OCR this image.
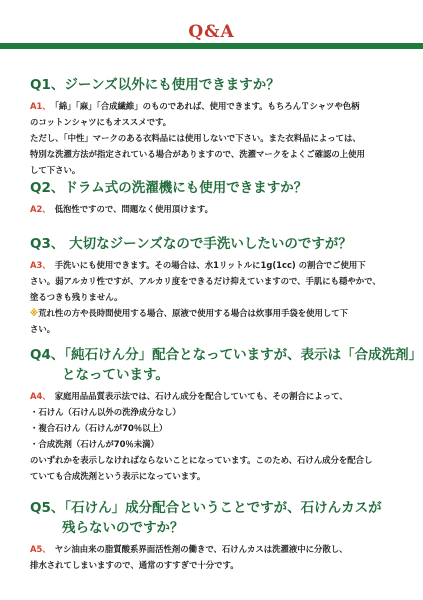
Q&A
Q1、ジーンズ以外にも使用できますか？
A1、 「綿」「麻」「合成繊維」のものであれば、使用できます。もちろんＴシャツや色柄
のコットンシャツにもオススメです。
ただし、「中性」マークのある衣料品には使用しないで下さい。また衣料品によっては、
特別な洗濯方法が指定されている場合がありますので、洗濯マークをよくご確認の上使用
して下さい。
Q2、ドラム式の洗濯機にも使用できますか？
A2、 低泡性ですので、問題なく使用頂けます。
Q3、 大切なジーンズなので手洗いしたいのですが？
A3、 手洗いにも使用できます。その場合は、水1リットルに1g(1cc) の割合でご使用下
さい。弱アルカリ性ですが、アルカリ度をできるだけ抑えていますので、手肌にも穏やかで、
塗るつきも残りません。
※荒れ性の方や長時間使用する場合、原液で使用する場合は炊事用手袋を使用して下
さい。
Q4、「純石けん分」配合となっていますが、表示は「合成洗剤」
となっています。
A4、 家庭用品品質表示法では、石けん成分を配合していても、その割合によって、
・石けん（石けん以外の洗浄成分なし）
・複合石けん（石けんが70％以上）
・合成洗剤（石けんが70％未満）
のいずれかを表示しなければならないことになっています。このため、石けん成分を配合し
ていても合成洗剤という表示になっています。
Q5、「石けん」成分配合ということですが、石けんカスが
残らないのですか？
A5、 ヤシ油由来の脂質酸系界面活性剤の働きで、石けんカスは洗濯液中に分散し、
排水されてしまいますので、通常のすすぎで十分です。
